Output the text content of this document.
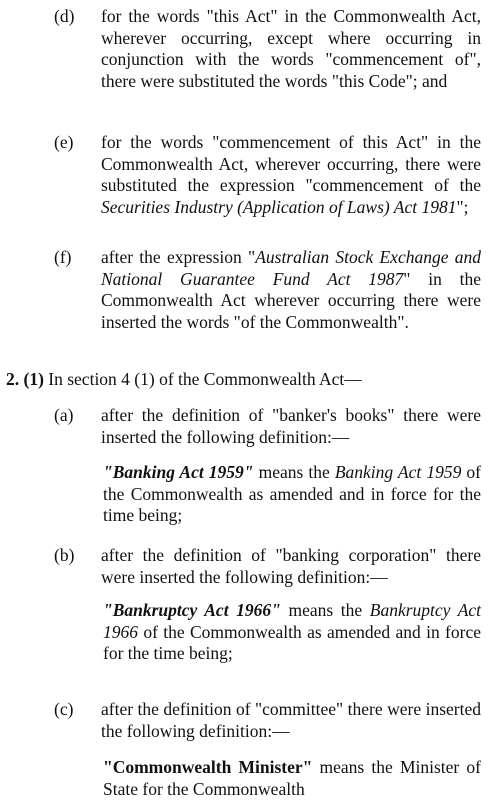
(d)	for the words "this Act" in the Commonwealth Act, wherever occurring, except where occurring in conjunction with the words "commencement of", there were substituted the words "this Code"; and
(e)	for the words "commencement of this Act" in the Commonwealth Act, wherever occurring, there were substituted the expression "commencement of the Securities Industry (Application of Laws) Act 1981";
(f)	after the expression "Australian Stock Exchange and National Guarantee Fund Act 1987" in the Commonwealth Act wherever occurring there were inserted the words "of the Commonwealth".
2. (1) In section 4 (1) of the Commonwealth Act—
(a)	after the definition of "banker's books" there were inserted the following definition:—
"Banking Act 1959" means the Banking Act 1959 of the Commonwealth as amended and in force for the time being;
(b)	after the definition of "banking corporation" there were inserted the following definition:—
"Bankruptcy Act 1966" means the Bankruptcy Act 1966 of the Commonwealth as amended and in force for the time being;
(c)	after the definition of "committee" there were inserted the following definition:—
"Commonwealth Minister" means the Minister of State for the Commonwealth
